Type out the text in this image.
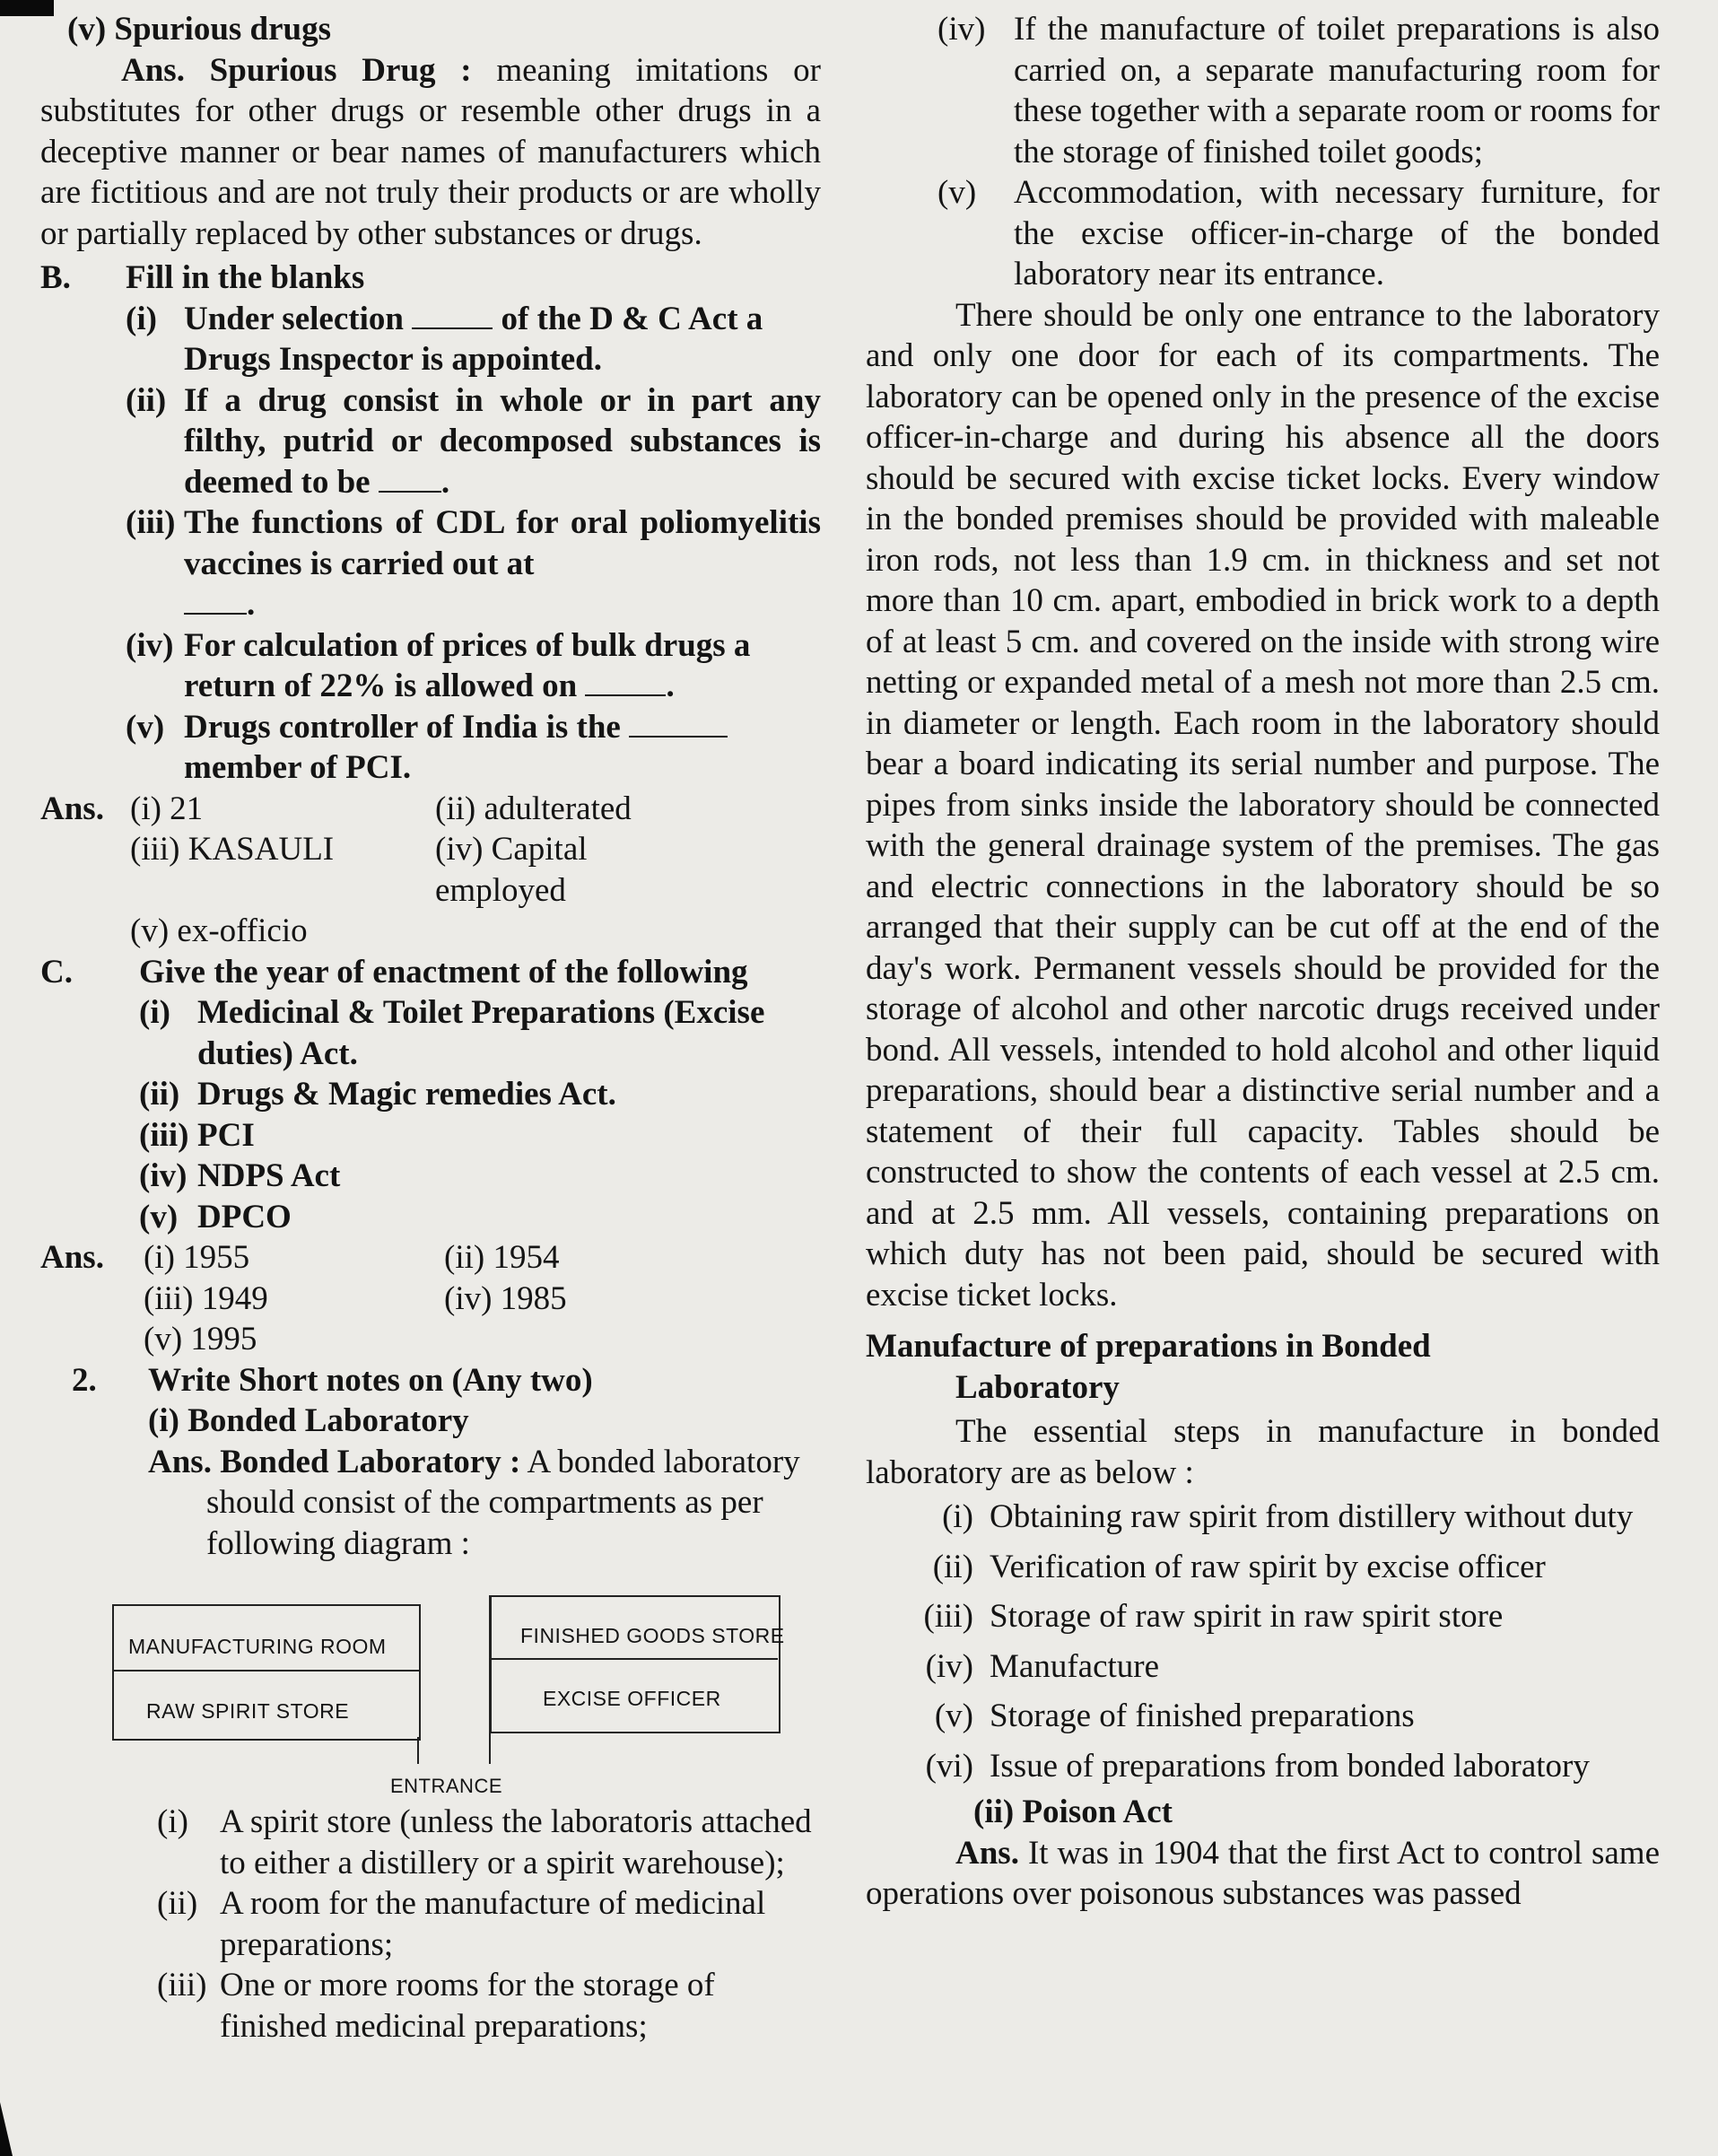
(v) Spurious drugs

Ans. Spurious Drug : meaning imitations or substitutes for other drugs or resemble other drugs in a deceptive manner or bear names of manufacturers which are fictitious and are not truly their products or are wholly or partially replaced by other substances or drugs.

B.	Fill in the blanks
(i) Under selection	of the D & C Act a Drugs Inspector is appointed.
(ii) If a drug consist in whole or in part any filthy, putrid or decomposed substances is deemed to be .
(iii) The functions of CDL for oral poliomyelitis vaccines is carried out at
.
(iv) For calculation of prices of bulk drugs a return of 22% is allowed on	.
(v) Drugs controller of India is the  member of PCI.
Ans. (i) 21	(ii) adulterated
(iii) KASAULI	(iv) Capital employed
(v) ex-officio
C.	Give the year of enactment of the following
(i) Medicinal & Toilet Preparations (Excise duties) Act.
(ii) Drugs & Magic remedies Act.
(iii) PCI
(iv) NDPS Act
(v) DPCO
Ans.	(i) 1955	(ii) 1954
(iii) 1949	(iv) 1985
(v) 1995
2.	Write Short notes on (Any two)

(i) Bonded Laboratory

Ans. Bonded Laboratory : A bonded laboratory should consist of the compartments as per following diagram :

MANUFACTURING ROOM
RAW SPIRIT STORE
FINISHED GOODS STORE
EXCISE OFFICER
ENTRANCE
(i) A spirit store (unless the laboratoris attached to either a distillery or a spirit warehouse);
(ii) A room for the manufacture of medicinal preparations;
(iii) One or more rooms for the storage of finished medicinal preparations;
(iv) If the manufacture of toilet preparations is also carried on, a separate manufacturing room for these together with a separate room or rooms for the storage of finished toilet goods;
(v)	Accommodation, with necessary furniture, for the excise officer-in-charge of the bonded laboratory near its entrance.

There should be only one entrance to the laboratory and only one door for each of its compartments. The laboratory can be opened only in the presence of the excise officer-in-charge and during his absence all the doors should be secured with excise ticket locks. Every window in the bonded premises should be provided with maleable iron rods, not less than 1.9 cm. in thickness and set not more than 10 cm. apart, embodied in brick work to a depth of at least 5 cm. and covered on the inside with strong wire netting or expanded metal of a mesh not more than 2.5 cm. in diameter or length. Each room in the laboratory should bear a board indicating its serial number and purpose. The pipes from sinks inside the laboratory should be connected with the general drainage system of the premises. The gas and electric connections in the laboratory should be so arranged that their supply can be cut off at the end of the day's work. Permanent vessels should be provided for the storage of alcohol and other narcotic drugs received under bond. All vessels, intended to hold alcohol and other liquid preparations, should bear a distinctive serial number and a statement of their full capacity. Tables should be constructed to show the contents of each vessel at 2.5 cm. and at 2.5 mm. All vessels, containing preparations on which duty has not been paid, should be secured with excise ticket locks.

Manufacture of preparations in Bonded Laboratory

The essential steps in manufacture in bonded laboratory are as below :

(i) Obtaining raw spirit from distillery without duty
(ii) Verification of raw spirit by excise officer
(iii) Storage of raw spirit in raw spirit store
(iv) Manufacture
(v) Storage of finished preparations
(vi) Issue of preparations from bonded laboratory

(ii) Poison Act

Ans. It was in 1904 that the first Act to control same operations over poisonous substances was passed
